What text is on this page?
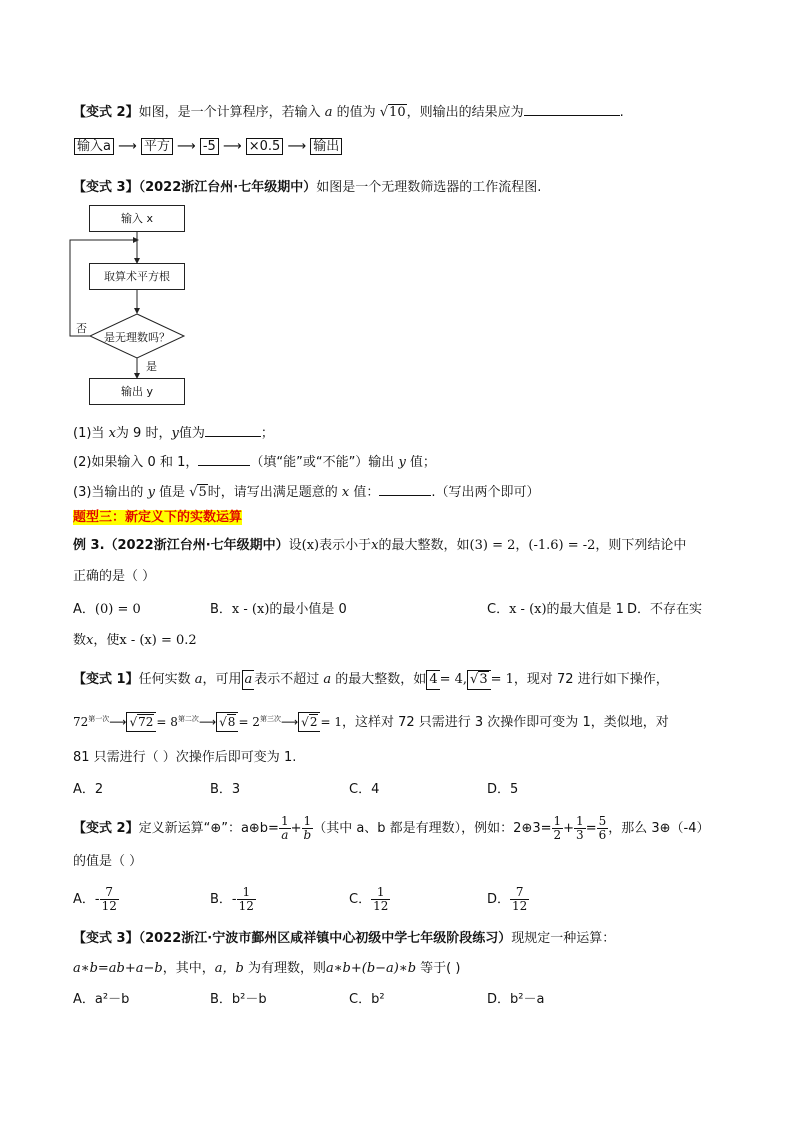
【变式 2】如图，是一个计算程序，若输入 a 的值为 √10，则输出的结果应为	.
输入a ⟶ 平方 ⟶ -5 ⟶ ×0.5 ⟶ 输出
【变式 3】（2022浙江台州·七年级期中）如图是一个无理数筛选器的工作流程图.
输入 x
取算术平方根
是无理数吗？
否
是
输出 y
(1)当 x为 9 时，y值为	；
(2)如果输入 0 和 1，	（填“能”或“不能”）输出 y 值；
(3)当输出的 y 值是 √5时，请写出满足题意的 x 值：	.（写出两个即可）
题型三：新定义下的实数运算
例 3.（2022浙江台州·七年级期中）设(x)表示小于x的最大整数，如(3) = 2，(-1.6) = -2，则下列结论中
正确的是（ ）
A．(0) = 0	B．x - (x)的最小值是 0	C．x - (x)的最大值是 1 D．不存在实
数x，使x - (x) = 0.2
【变式 1】任何实数 a，可用 a 表示不超过 a 的最大整数，如 4 = 4, √3 = 1，现对 72 进行如下操作，
$72^{第一次}⟶$ $√72 = 8^{第二次}⟶$ $√8 = 2^{第三次}⟶$ √2 = 1，这样对 72 只需进行 3 次操作即可变为 1，类似地，对
81 只需进行（ ）次操作后即可变为 1.
A．2	B．3	C．4	D．5
【变式 2】定义新运算“⊕”：a⊕b= $\frac{1}{a} + \frac{1}{b}$ （其中 a、b 都是有理数），例如：2⊕3= $\frac{1}{2} + \frac{1}{3} = \frac{5}{6}$ ，那么 3⊕（-4）
的值是（ ）
A．- $\frac{7}{12}$	B．- $\frac{1}{12}$	C． $\frac{1}{12}$	D． $\frac{7}{12}$
【变式 3】（2022浙江·宁波市鄞州区咸祥镇中心初级中学七年级阶段练习）现规定一种运算：
a∗b=ab+a−b，其中，a，b 为有理数，则a∗b+(b−a)∗b 等于( )
A．a²－b	B．b²－b	C．b²	D．b²－a
